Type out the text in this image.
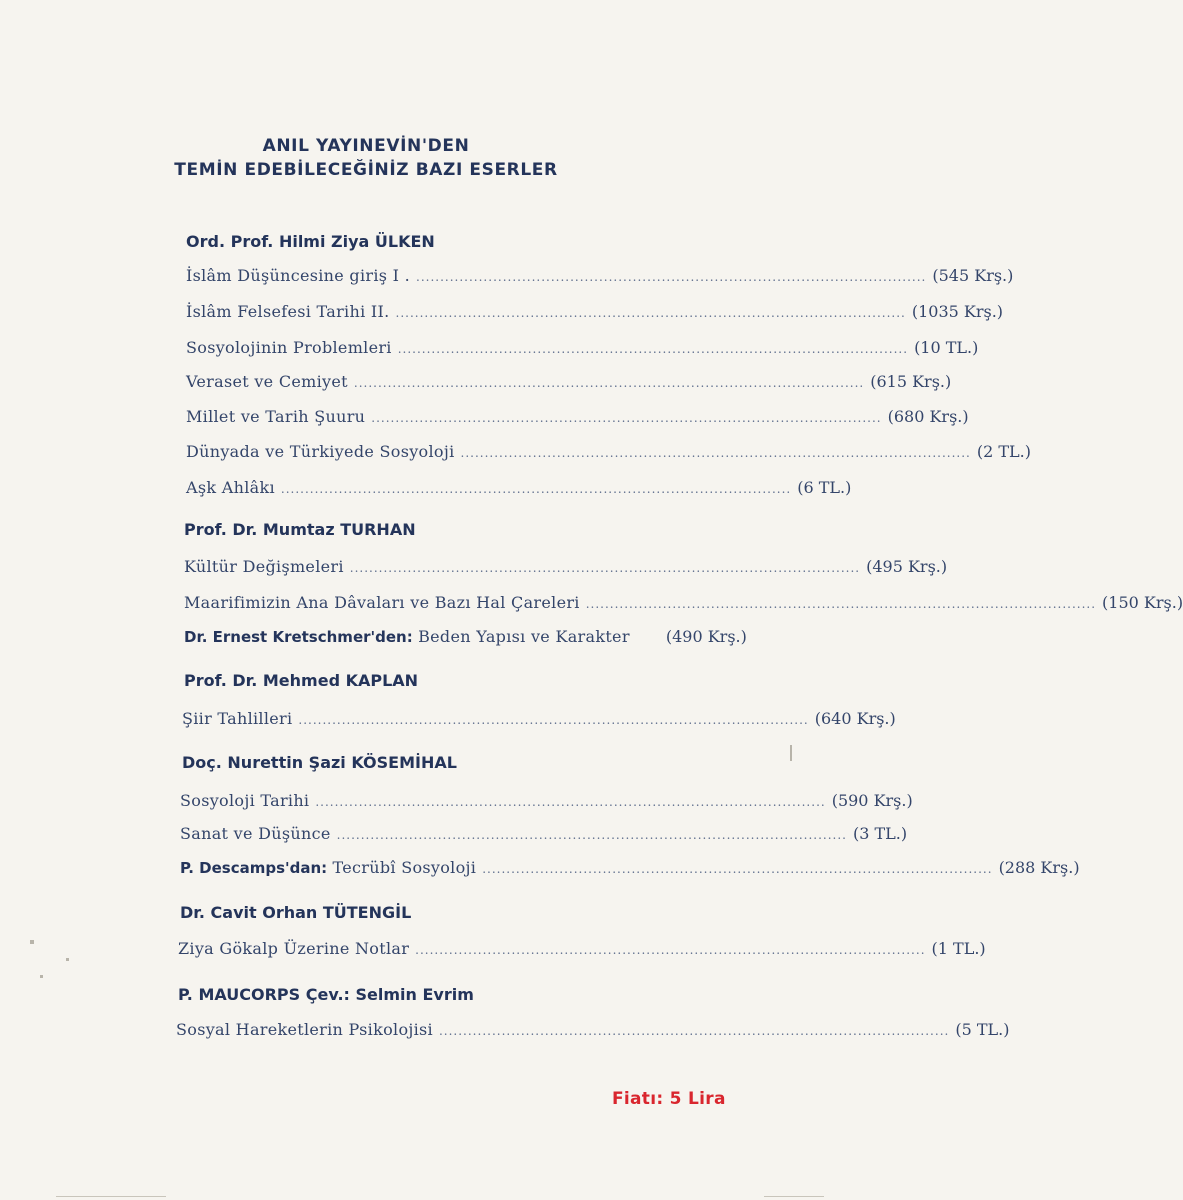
ANIL YAYINEVİN'DEN
TEMİN EDEBİLECEĞİNİZ BAZI ESERLER
Ord. Prof. Hilmi Ziya ÜLKEN
İslâm Düşüncesine giriş I . .......................................................................................................... (545 Krş.)
İslâm Felsefesi Tarihi II. .......................................................................................................... (1035 Krş.)
Sosyolojinin Problemleri .......................................................................................................... (10 TL.)
Veraset ve Cemiyet .......................................................................................................... (615 Krş.)
Millet ve Tarih Şuuru .......................................................................................................... (680 Krş.)
Dünyada ve Türkiyede Sosyoloji .......................................................................................................... (2 TL.)
Aşk Ahlâkı .......................................................................................................... (6 TL.)
Prof. Dr. Mumtaz TURHAN
Kültür Değişmeleri .......................................................................................................... (495 Krş.)
Maarifimizin Ana Dâvaları ve Bazı Hal Çareleri .......................................................................................................... (150 Krş.)
Dr. Ernest Kretschmer'den: Beden Yapısı ve Karakter (490 Krş.)
Prof. Dr. Mehmed KAPLAN
Şiir Tahlilleri .......................................................................................................... (640 Krş.)
Doç. Nurettin Şazi KÖSEMİHAL
Sosyoloji Tarihi .......................................................................................................... (590 Krş.)
Sanat ve Düşünce .......................................................................................................... (3 TL.)
P. Descamps'dan: Tecrübî Sosyoloji .......................................................................................................... (288 Krş.)
Dr. Cavit Orhan TÜTENGİL
Ziya Gökalp Üzerine Notlar .......................................................................................................... (1 TL.)
P. MAUCORPS Çev.: Selmin Evrim
Sosyal Hareketlerin Psikolojisi .......................................................................................................... (5 TL.)
Fiatı: 5 Lira
